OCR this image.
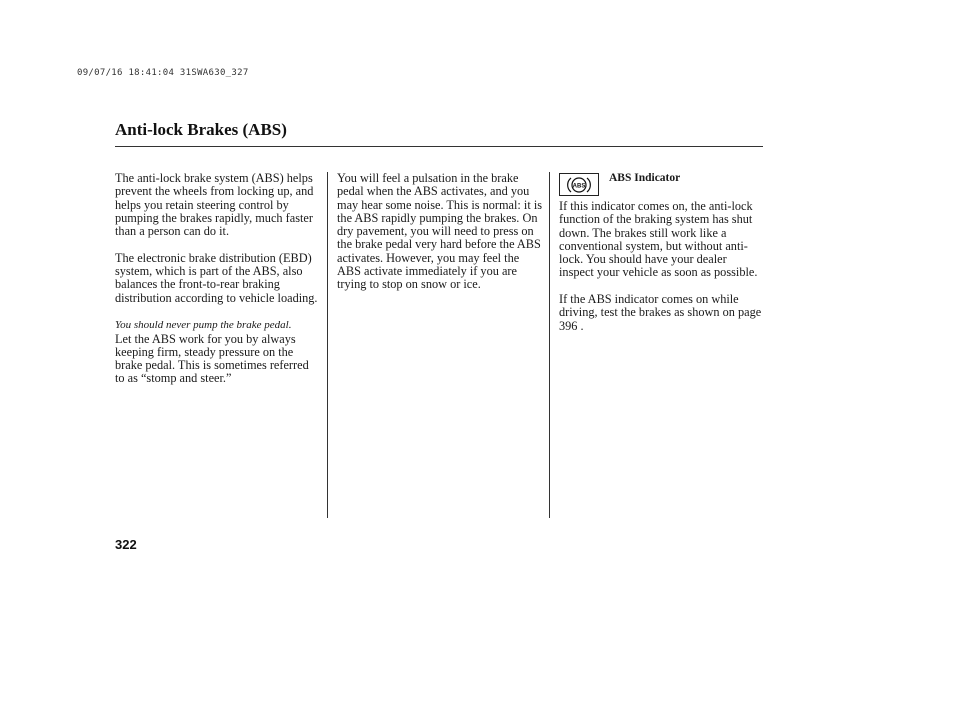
09/07/16 18:41:04 31SWA630_327
Anti-lock Brakes (ABS)

The anti-lock brake system (ABS) helps prevent the wheels from locking up, and helps you retain steering control by pumping the brakes rapidly, much faster than a person can do it.

The electronic brake distribution (EBD) system, which is part of the ABS, also balances the front-to-rear braking distribution according to vehicle loading.

You should never pump the brake pedal.
Let the ABS work for you by always keeping firm, steady pressure on the brake pedal. This is sometimes referred to as “stomp and steer.”

You will feel a pulsation in the brake pedal when the ABS activates, and you may hear some noise. This is normal: it is the ABS rapidly pumping the brakes. On dry pavement, you will need to press on the brake pedal very hard before the ABS activates. However, you may feel the ABS activate immediately if you are trying to stop on snow or ice.

ABS
ABS Indicator

If this indicator comes on, the anti-lock function of the braking system has shut down. The brakes still work like a conventional system, but without anti-lock. You should have your dealer inspect your vehicle as soon as possible.

If the ABS indicator comes on while driving, test the brakes as shown on page 396 .

322
